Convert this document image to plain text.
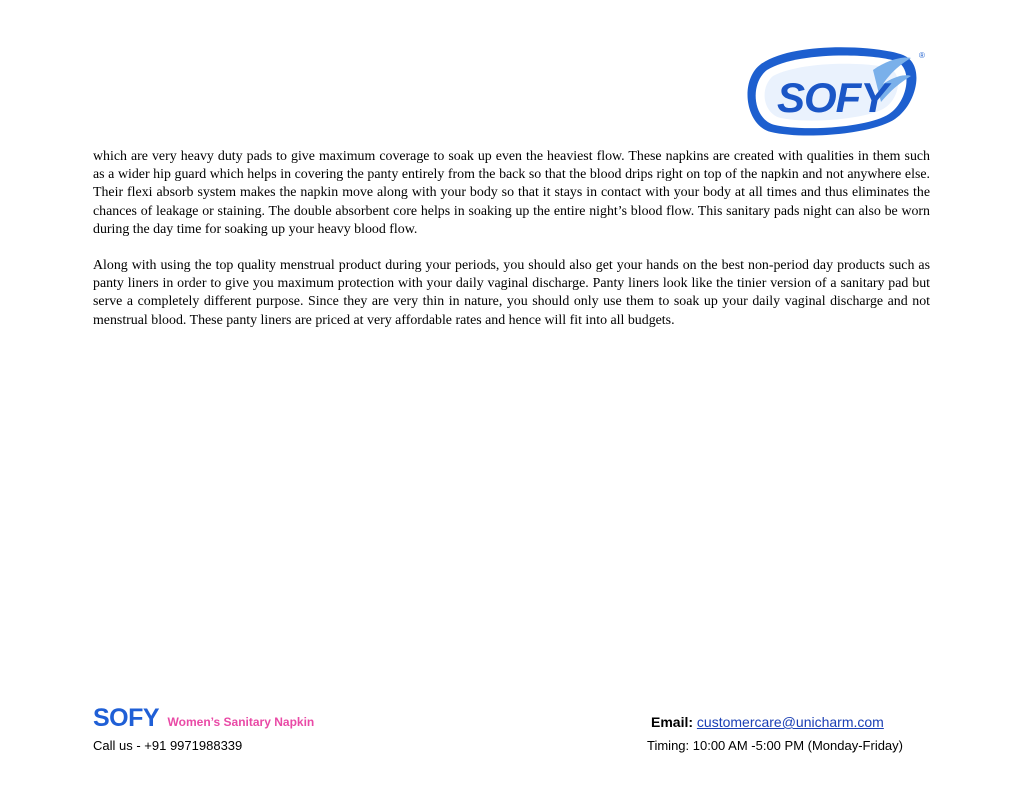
SOFY
®

which are very heavy duty pads to give maximum coverage to soak up even the heaviest flow. These napkins are created with qualities in them such as a wider hip guard which helps in covering the panty entirely from the back so that the blood drips right on top of the napkin and not anywhere else. Their flexi absorb system makes the napkin move along with your body so that it stays in contact with your body at all times and thus eliminates the chances of leakage or staining. The double absorbent core helps in soaking up the entire night’s blood flow. This sanitary pads night can also be worn during the day time for soaking up your heavy blood flow.

Along with using the top quality menstrual product during your periods, you should also get your hands on the best non-period day products such as panty liners in order to give you maximum protection with your daily vaginal discharge. Panty liners look like the tinier version of a sanitary pad but serve a completely different purpose. Since they are very thin in nature, you should only use them to soak up your daily vaginal discharge and not menstrual blood. These panty liners are priced at very affordable rates and hence will fit into all budgets.

SOFY Women’s Sanitary Napkin	Email: customercare@unicharm.com
Call us - +91 9971988339	Timing: 10:00 AM -5:00 PM (Monday-Friday)
